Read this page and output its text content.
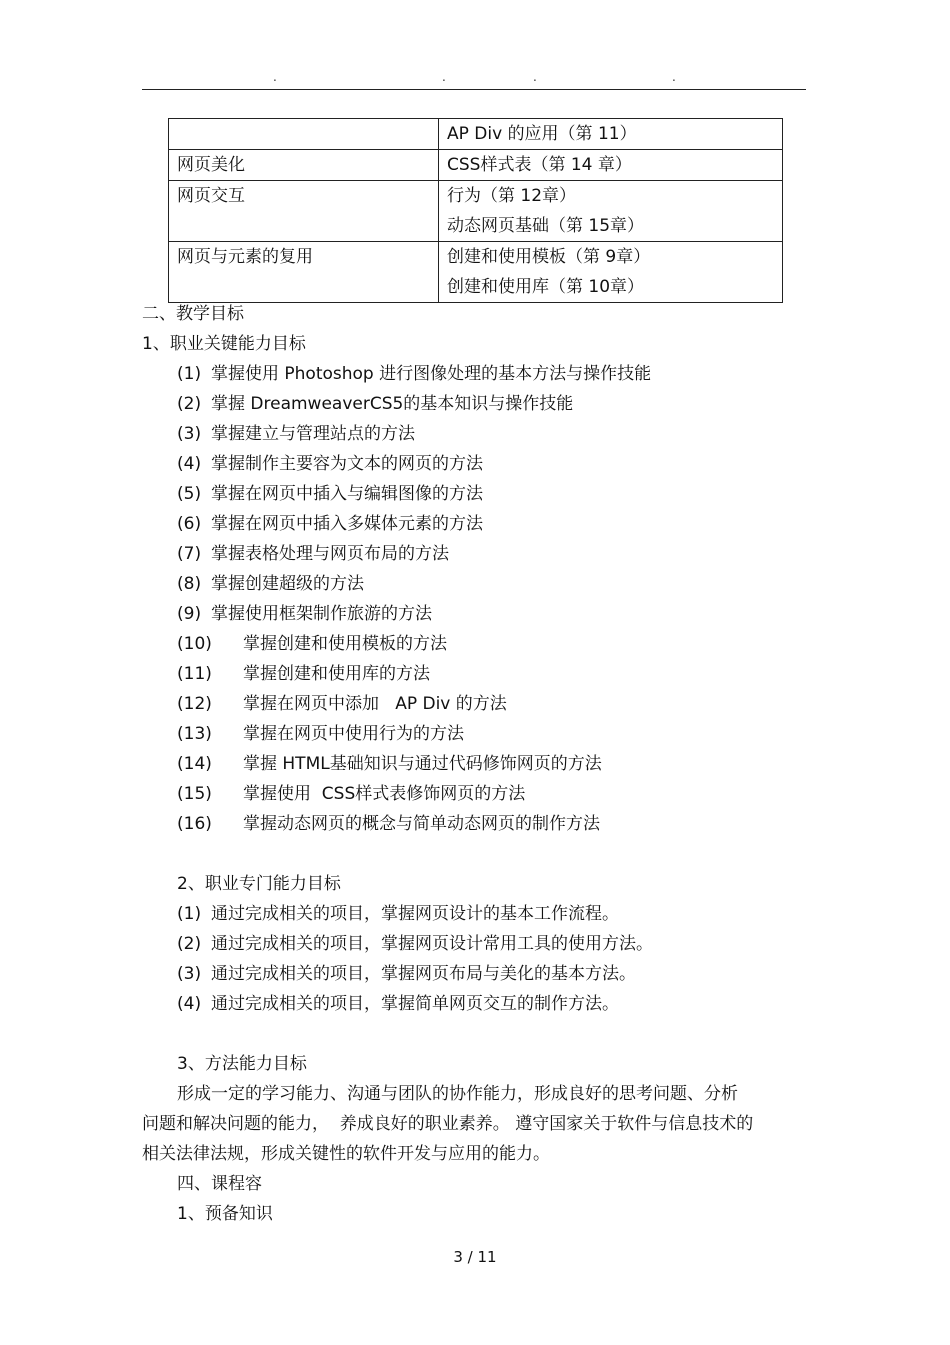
.	.	.	.

	AP Div 的应用（第 11）

网页美化	CSS样式表（第 14 章）

网页交互	行为（第 12章）
动态网页基础（第 15章）

网页与元素的复用	创建和使用模板（第 9章）
创建和使用库（第 10章）
二、教学目标
1、职业关键能力目标
(1) 掌握使用 Photoshop 进行图像处理的基本方法与操作技能
(2) 掌握 DreamweaverCS5的基本知识与操作技能
(3) 掌握建立与管理站点的方法
(4) 掌握制作主要容为文本的网页的方法
(5) 掌握在网页中插入与编辑图像的方法
(6) 掌握在网页中插入多媒体元素的方法
(7) 掌握表格处理与网页布局的方法
(8) 掌握创建超级的方法
(9) 掌握使用框架制作旅游的方法
(10) 掌握创建和使用模板的方法
(11) 掌握创建和使用库的方法
(12) 掌握在网页中添加   AP Div 的方法
(13) 掌握在网页中使用行为的方法
(14) 掌握 HTML基础知识与通过代码修饰网页的方法
(15) 掌握使用  CSS样式表修饰网页的方法
(16) 掌握动态网页的概念与简单动态网页的制作方法
2、职业专门能力目标
(1) 通过完成相关的项目，掌握网页设计的基本工作流程。
(2) 通过完成相关的项目，掌握网页设计常用工具的使用方法。
(3) 通过完成相关的项目，掌握网页布局与美化的基本方法。
(4) 通过完成相关的项目，掌握简单网页交互的制作方法。
3、方法能力目标
形成一定的学习能力、沟通与团队的协作能力，形成良好的思考问题、分析
问题和解决问题的能力，  养成良好的职业素养。 遵守国家关于软件与信息技术的
相关法律法规，形成关键性的软件开发与应用的能力。
四、课程容
1、预备知识
3 / 11
